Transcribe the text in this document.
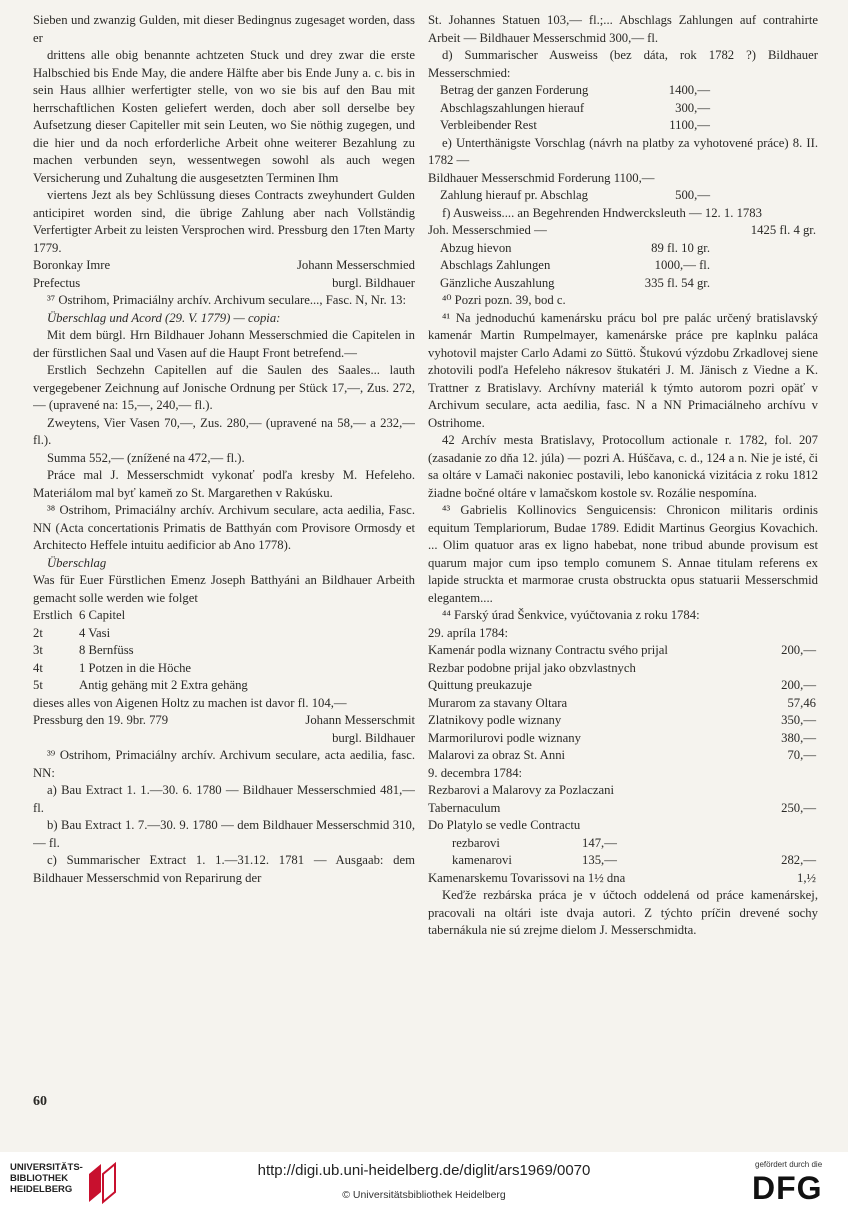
Sieben und zwanzig Gulden, mit dieser Bedingnus zugesaget worden, dass er

drittens alle obig benannte achtzeten Stuck und drey zwar die erste Halbschied bis Ende May, die andere Hälfte aber bis Ende Juny a. c. bis in sein Haus allhier werfertigter stelle, von wo sie bis auf den Bau mit herrschaftlichen Kosten geliefert werden, doch aber soll derselbe bey Aufsetzung dieser Capiteller mit sein Leuten, wo Sie nöthig zugegen, und die hier und da noch erforderliche Arbeit ohne weiterer Bezahlung zu machen verbunden seyn, wessentwegen sowohl als auch wegen Versicherung und Zuhaltung die ausgesetzten Terminen Ihm

viertens Jezt als bey Schlüssung dieses Contracts zweyhundert Gulden anticipiret worden sind, die übrige Zahlung aber nach Vollständig Verfertigter Arbeit zu leisten Versprochen wird. Pressburg den 17ten Marty 1779.

Boronkay Imre	Johann Messerschmied
Prefectus	burgl. Bildhauer

³⁷ Ostrihom, Primaciálny archív. Archivum seculare..., Fasc. N, Nr. 13:

Überschlag und Acord (29. V. 1779) — copia:

Mit dem bürgl. Hrn Bildhauer Johann Messerschmied die Capitelen in der fürstlichen Saal und Vasen auf die Haupt Front betrefend.—

Erstlich Sechzehn Capitellen auf die Saulen des Saales... lauth vergegebener Zeichnung auf Jonische Ordnung per Stück 17,—, Zus. 272,— (upravené na: 15,—, 240,— fl.).

Zweytens, Vier Vasen 70,—, Zus. 280,— (upravené na 58,— a 232,— fl.).

Summa 552,— (znížené na 472,— fl.).

Práce mal J. Messerschmidt vykonať podľa kresby M. Hefeleho. Materiálom mal byť kameň zo St. Margarethen v Rakúsku.

³⁸ Ostrihom, Primaciálny archív. Archivum seculare, acta aedilia, Fasc. NN (Acta concertationis Primatis de Batthyán com Provisore Ormosdy et Architecto Heffele intuitu aedificior ab Ano 1778).

Überschlag

Was für Euer Fürstlichen Emenz Joseph Batthyáni an Bildhauer Arbeith gemacht solle werden wie folget

Erstlich 6 Capitel
2t	4 Vasi
3t	8 Bernfüss
4t	1 Potzen in die Höche
5t	Antig gehäng mit 2 Extra gehäng

dieses alles von Aigenen Holtz zu machen ist davor fl. 104,—

Pressburg den 19. 9br. 779	Johann Messerschmit
burgl. Bildhauer

³⁹ Ostrihom, Primaciálny archív. Archivum seculare, acta aedilia, fasc. NN:

a) Bau Extract 1. 1.—30. 6. 1780 — Bildhauer Messerschmied 481,— fl.

b) Bau Extract 1. 7.—30. 9. 1780 — dem Bildhauer Messerschmid 310,— fl.

c) Summarischer Extract 1. 1.—31.12. 1781 — Ausgaab: dem Bildhauer Messerschmid von Reparirung der

St. Johannes Statuen 103,— fl.;... Abschlags Zahlungen auf contrahirte Arbeit — Bildhauer Messerschmid 300,— fl.

d) Summarischer Ausweiss (bez dáta, rok 1782 ?) Bildhauer Messerschmied:

Betrag der ganzen Forderung	1400,—
Abschlagszahlungen hierauf	300,—
Verbleibender Rest	1100,—

e) Unterthänigste Vorschlag (návrh na platby za vyhotovené práce) 8. II. 1782 —

Bildhauer Messerschmid Forderung 1100,—

Zahlung hierauf pr. Abschlag	500,—

f) Ausweiss.... an Begehrenden Hndwercksleuth — 12. 1. 1783

Joh. Messerschmied —	1425 fl. 4 gr.
Abzug hievon	89 fl. 10 gr.
Abschlags Zahlungen	1000,— fl.
Gänzliche Auszahlung	335 fl. 54 gr.

⁴⁰ Pozri pozn. 39, bod c.

⁴¹ Na jednoduchú kamenársku prácu bol pre palác určený bratislavský kamenár Martin Rumpelmayer, kamenárske práce pre kaplnku paláca vyhotovil majster Carlo Adami zo Süttö. Štukovú výzdobu Zrkadlovej siene zhotovili podľa Hefeleho nákresov štukatéri J. M. Jänisch z Viedne a K. Trattner z Bratislavy. Archívny materiál k týmto autorom pozri opäť v Archivum seculare, acta aedilia, fasc. N a NN Primaciálneho archívu v Ostrihome.

42 Archív mesta Bratislavy, Protocollum actionale r. 1782, fol. 207 (zasadanie zo dňa 12. júla) — pozri A. Húščava, c. d., 124 a n. Nie je isté, či sa oltáre v Lamači nakoniec postavili, lebo kanonická vizitácia z roku 1812 žiadne bočné oltáre v lamačskom kostole sv. Rozálie nespomína.

⁴³ Gabrielis Kollinovics Senguicensis: Chronicon militaris ordinis equitum Templariorum, Budae 1789. Edidit Martinus Georgius Kovachich. ... Olim quatuor aras ex ligno habebat, none tribud abunde provisum est quarum major cum ipso templo comunem S. Annae titulam referens ex lapide struckta et marmorae crusta obstruckta opus statuarii Messerschmid elegantem....

⁴⁴ Farský úrad Šenkvice, vyúčtovania z roku 1784:

29. apríla 1784:

Kamenár podla wiznany Contractu svého prijal	200,—
Rezbar podobne prijal jako obzvlastnych
Quittung preukazuje	200,—
Murarom za stavany Oltara	57,46
Zlatnikovy podle wiznany	350,—
Marmorilurovi podle wiznany	380,—
Malarovi za obraz St. Anni	70,—

9. decembra 1784:

Rezbarovi a Malarovy za Pozlaczani

Tabernaculum	250,—

Do Platylo se vedle Contractu

rezbarovi	147,—
kamenarovi	135,—	282,—
Kamenarskemu Tovarissovi na 1½ dna	1,½

Keďže rezbárska práca je v účtoch oddelená od práce kamenárskej, pracovali na oltári iste dvaja autori. Z týchto príčin drevené sochy tabernákula nie sú zrejme dielom J. Messerschmidta.

60
UNIVERSITÄTS-
BIBLIOTHEK
HEIDELBERG
http://digi.ub.uni-heidelberg.de/diglit/ars1969/0070
© Universitätsbibliothek Heidelberg
gefördert durch die
DFG
